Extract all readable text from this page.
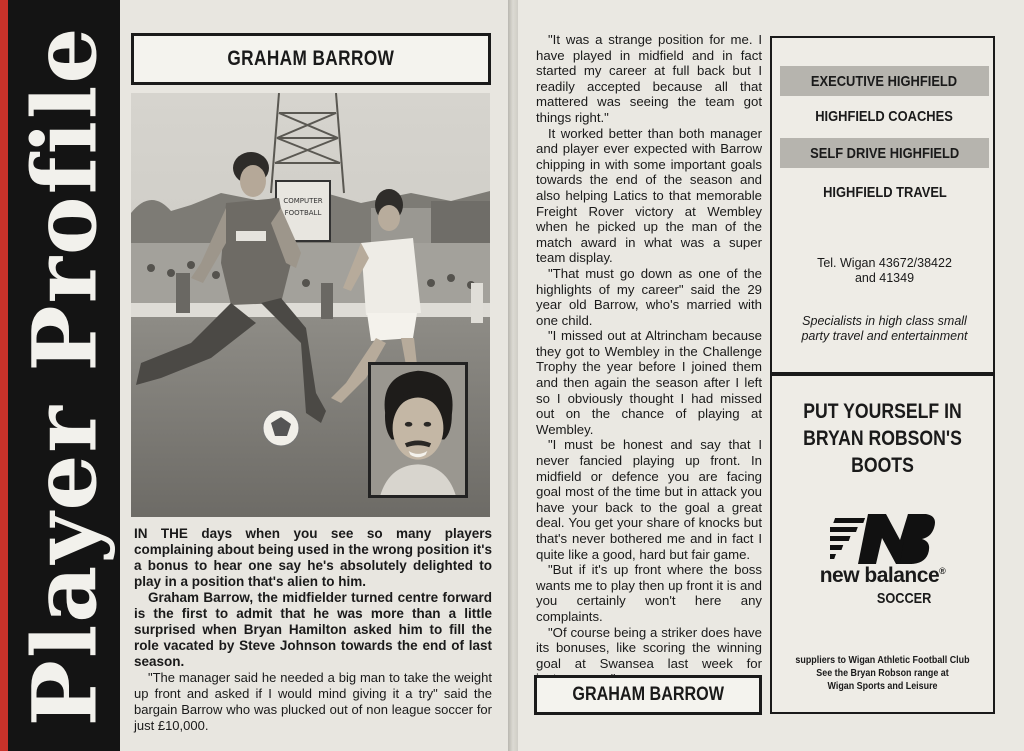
Player Profile	GRAHAM BARROW
COMPUTER
FOOTBALL

IN THE days when you see so many players complaining about being used in the wrong position it's a bonus to hear one say he's absolutely delighted to play in a position that's alien to him.

Graham Barrow, the midfielder turned centre forward is the first to admit that he was more than a little surprised when Bryan Hamilton asked him to fill the role vacated by Steve Johnson towards the end of last season.

"The manager said he needed a big man to take the weight up front and asked if I would mind giving it a try" said the bargain Barrow who was plucked out of non league soccer for just £10,000.

"It was a strange position for me. I have played in midfield and in fact started my career at full back but I readily accepted because all that mattered was seeing the team got things right."

It worked better than both manager and player ever expected with Barrow chipping in with some important goals towards the end of the season and also helping Latics to that memorable Freight Rover victory at Wembley when he picked up the man of the match award in what was a super team display.

"That must go down as one of the highlights of my career" said the 29 year old Barrow, who's married with one child.

"I missed out at Altrincham because they got to Wembley in the Challenge Trophy the year before I joined them and then again the season after I left so I obviously thought I had missed out on the chance of playing at Wembley.

"I must be honest and say that I never fancied playing up front. In midfield or defence you are facing goal most of the time but in attack you have your back to the goal a great deal. You get your share of knocks but that's never bothered me and in fact I quite like a good, hard but fair game.

"But if it's up front where the boss wants me to play then up front it is and you certainly won't here any complaints.

"Of course being a striker does have its bonuses, like scoring the winning goal at Swansea last week for

GRAHAM BARROW
EXECUTIVE HIGHFIELD
HIGHFIELD COACHES
SELF DRIVE HIGHFIELD
HIGHFIELD TRAVEL
Tel. Wigan 43672/38422
and 41349
Specialists in high class small
party travel and entertainment
PUT YOURSELF IN
BRYAN ROBSON'S
BOOTS
new balance®
SOCCER
suppliers to Wigan Athletic Football Club
See the Bryan Robson range at
Wigan Sports and Leisure
